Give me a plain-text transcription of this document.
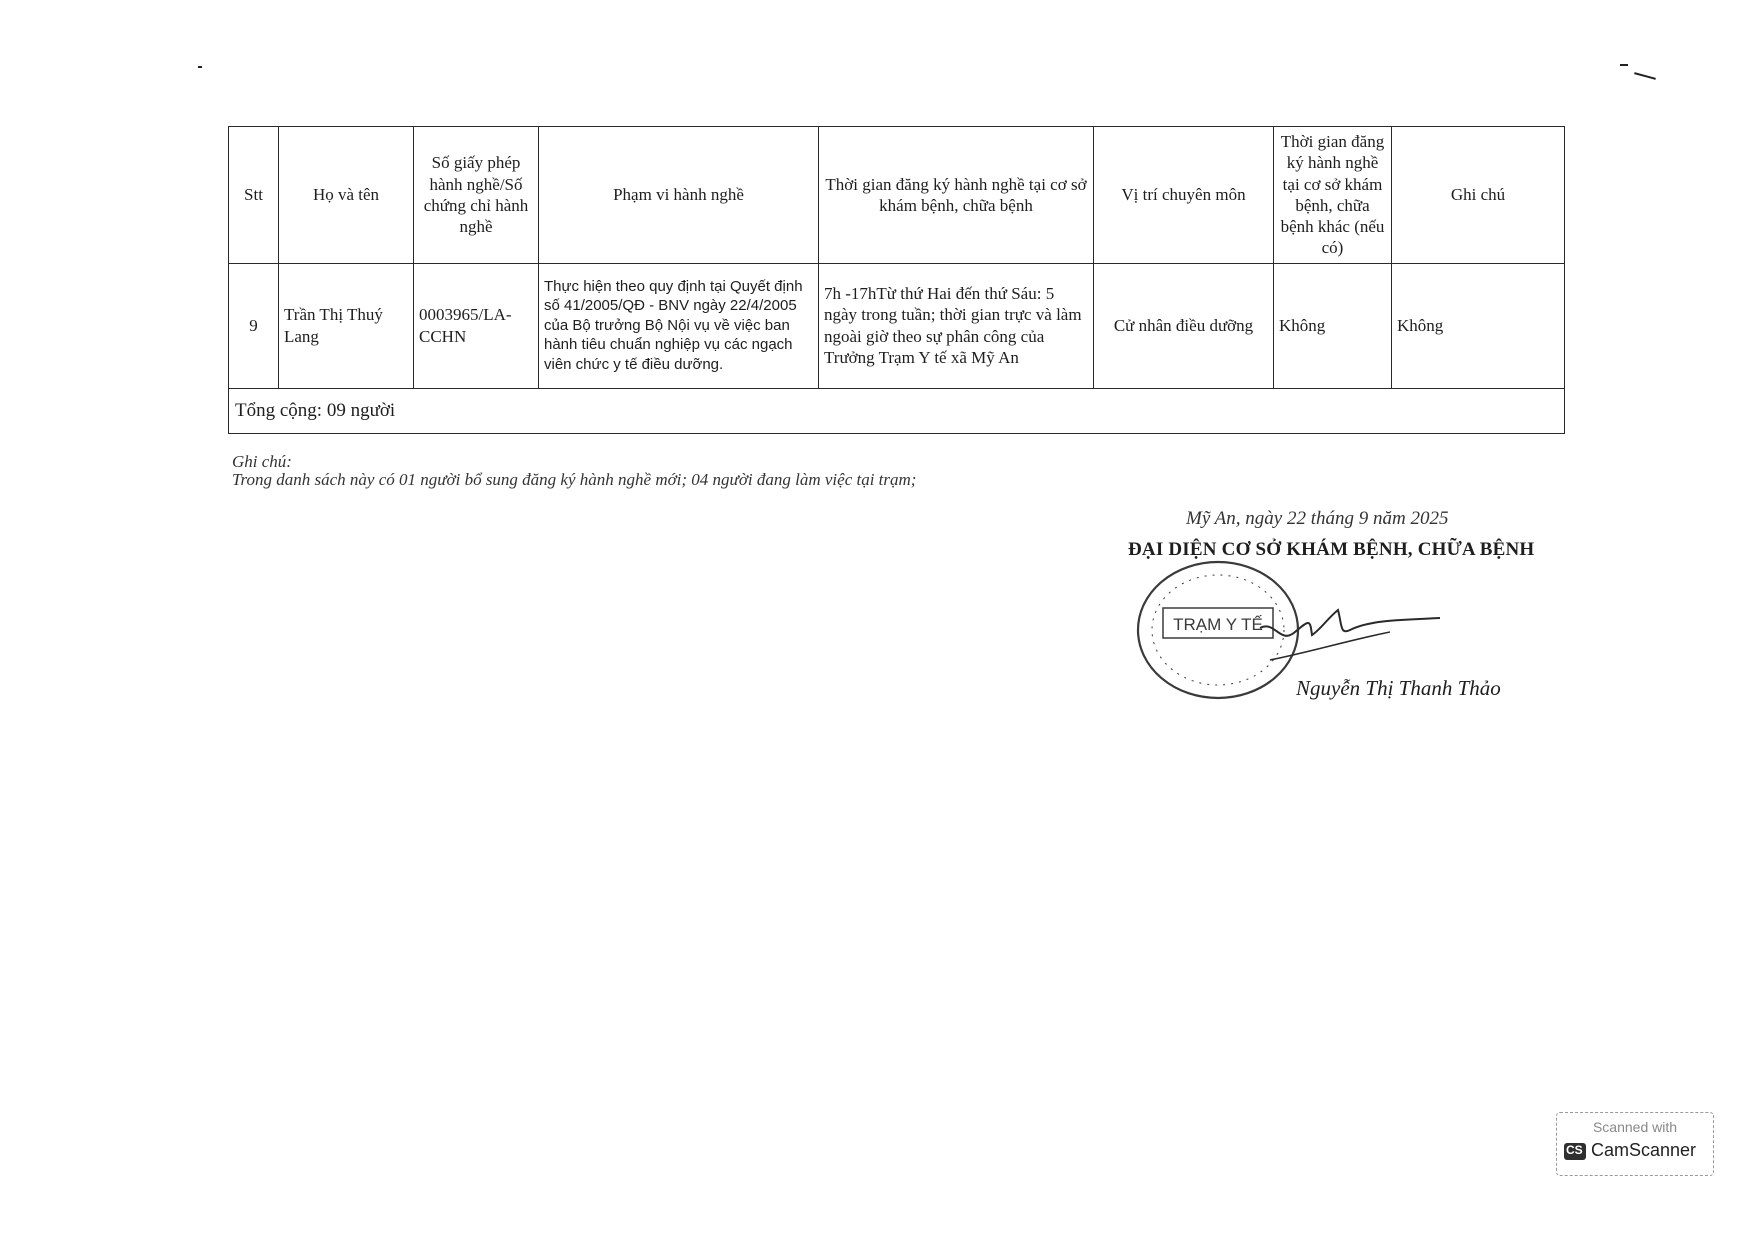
Stt	Họ và tên	Số giấy phép hành nghề/Số chứng chỉ hành nghề	Phạm vi hành nghề	Thời gian đăng ký hành nghề tại cơ sở khám bệnh, chữa bệnh	Vị trí chuyên môn	Thời gian đăng ký hành nghề tại cơ sở khám bệnh, chữa bệnh khác (nếu có)	Ghi chú
9	Trần Thị Thuý Lang	0003965/LA-CCHN	Thực hiện theo quy định tại Quyết định số 41/2005/QĐ - BNV ngày 22/4/2005 của Bộ trưởng Bộ Nội vụ về việc ban hành tiêu chuẩn nghiệp vụ các ngạch viên chức y tế điều dưỡng.	7h -17hTừ thứ Hai đến thứ Sáu: 5 ngày trong tuần; thời gian trực và làm ngoài giờ theo sự phân công của Trưởng Trạm Y tế xã Mỹ An	Cử nhân điều dưỡng	Không	Không
Tổng cộng: 09 người							
Ghi chú:
Trong danh sách này có 01 người bổ sung đăng ký hành nghề mới; 04 người đang làm việc tại trạm;
Mỹ An, ngày 22 tháng 9 năm 2025
ĐẠI DIỆN CƠ SỞ KHÁM BỆNH, CHỮA BỆNH
TRẠM Y TẾ
Nguyễn Thị Thanh Thảo
Scanned with
CS CamScanner
